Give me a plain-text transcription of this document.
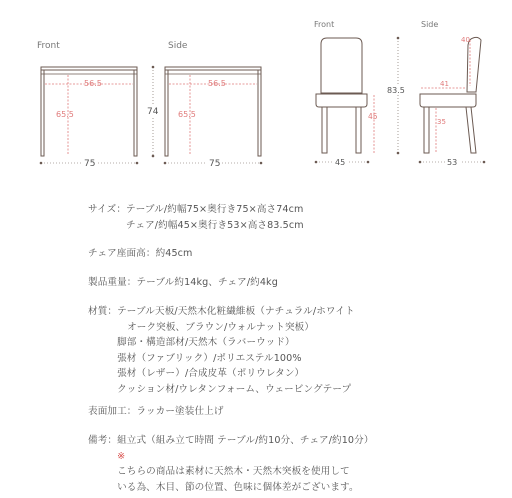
Front
56.5
65.5
75
74
Side
56.5
65.5
75
Front
45
45
83.5
Side
40
41
35
53
サイズ： テーブル/約幅75×奥行き75×高さ74cm
チェア/約幅45×奥行き53×高さ83.5cm
チェア座面高： 約45cm
製品重量： テーブル約14kg、チェア/約4kg
材質： テーブル天板/天然木化粧繊維板（ナチュラル/ホワイト
オーク突板、ブラウン/ウォルナット突板）
脚部・構造部材/天然木（ラバーウッド）
張材（ファブリック）/ポリエステル100%
張材（レザー）/合成皮革（ポリウレタン）
クッション材/ウレタンフォーム、ウェービングテープ
表面加工： ラッカー塗装仕上げ
備考： 組立式（組み立て時間 テーブル/約10分、チェア/約10分）
※
こちらの商品は素材に天然木・天然木突板を使用して
いる為、木目、節の位置、色味に個体差がございます。
